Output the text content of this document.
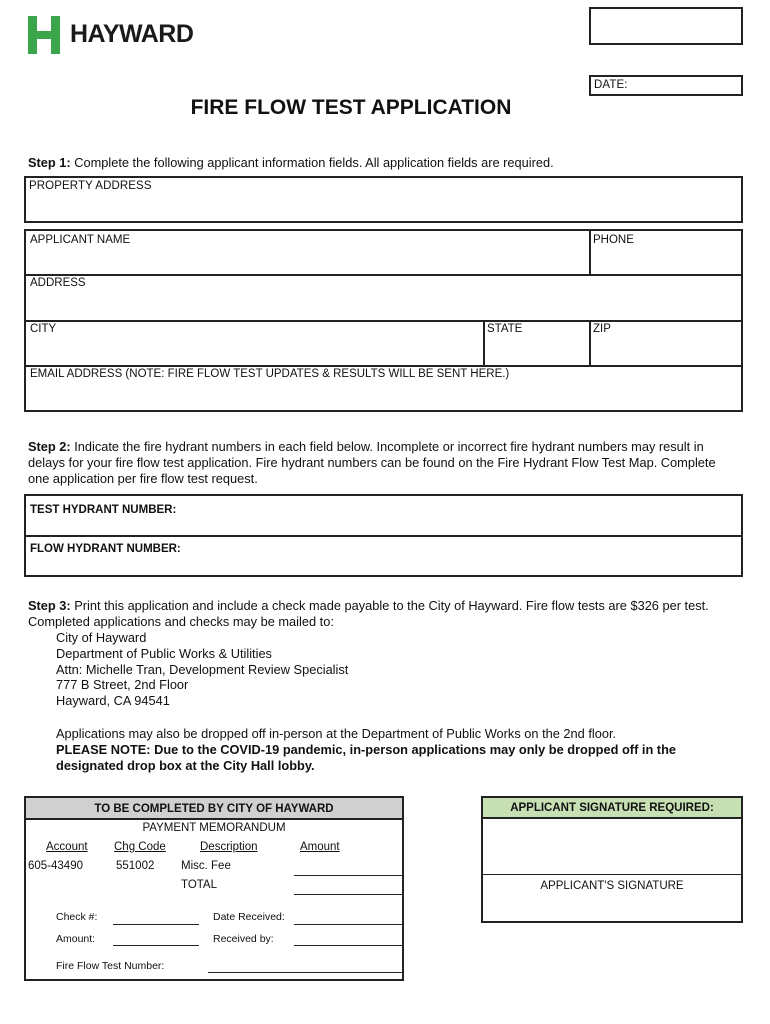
HAYWARD
DATE:
FIRE FLOW TEST APPLICATION
Step 1: Complete the following applicant information fields. All application fields are required.
PROPERTY ADDRESS
APPLICANT NAME	PHONE
ADDRESS
CITY	STATE	ZIP
EMAIL ADDRESS (NOTE: FIRE FLOW TEST UPDATES & RESULTS WILL BE SENT HERE.)
Step 2: Indicate the fire hydrant numbers in each field below. Incomplete or incorrect fire hydrant numbers may result in delays for your fire flow test application. Fire hydrant numbers can be found on the Fire Hydrant Flow Test Map. Complete one application per fire flow test request.
TEST HYDRANT NUMBER:
FLOW HYDRANT NUMBER:
Step 3: Print this application and include a check made payable to the City of Hayward. Fire flow tests are $326 per test. Completed applications and checks may be mailed to:
City of Hayward
Department of Public Works & Utilities
Attn: Michelle Tran, Development Review Specialist
777 B Street, 2nd Floor
Hayward, CA 94541
Applications may also be dropped off in-person at the Department of Public Works on the 2nd floor.
PLEASE NOTE: Due to the COVID-19 pandemic, in-person applications may only be dropped off in the designated drop box at the City Hall lobby.
TO BE COMPLETED BY CITY OF HAYWARD
PAYMENT MEMORANDUM
Account Chg Code	Description	Amount
605-43490	551002 Misc. Fee
TOTAL
Check #:	Date Received:
Amount:	Received by:
Fire Flow Test Number:
APPLICANT SIGNATURE REQUIRED:
APPLICANT'S SIGNATURE
